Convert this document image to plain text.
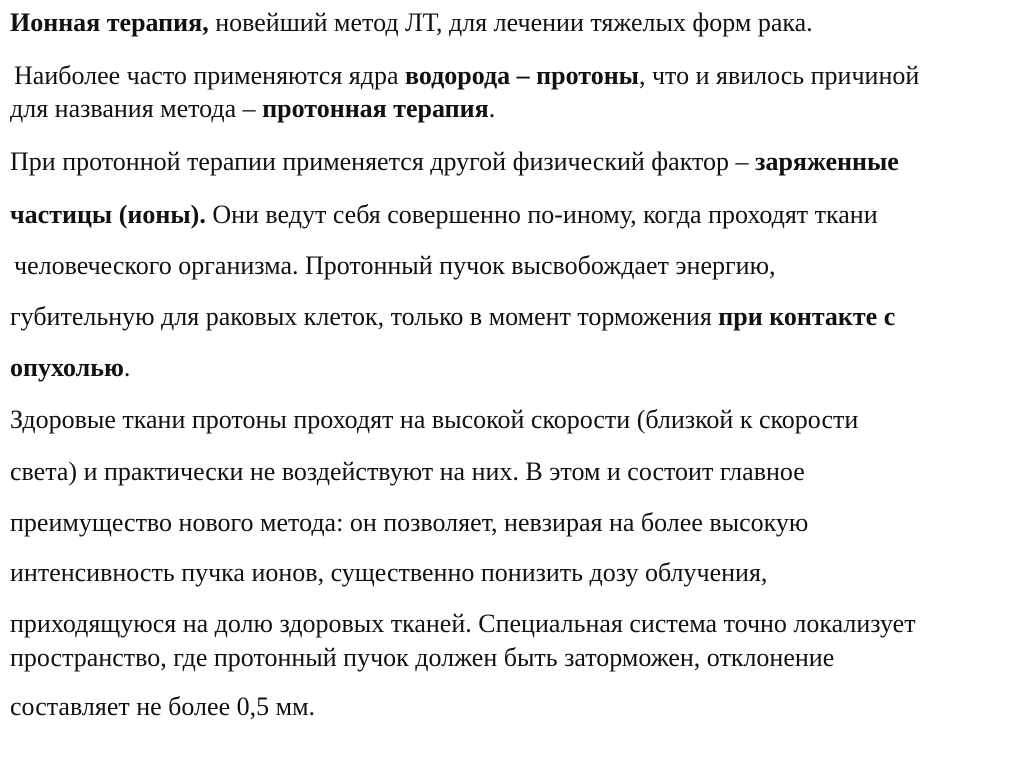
Ионная терапия, новейший метод ЛТ, для лечении тяжелых форм рака.
Наиболее часто применяются ядра водорода – протоны, что и явилось причиной
для названия метода – протонная терапия.
При протонной терапии применяется другой физический фактор – заряженные
частицы (ионы). Они ведут себя совершенно по-иному, когда проходят ткани
человеческого организма. Протонный пучок высвобождает энергию,
губительную для раковых клеток, только в момент торможения при контакте с
опухолью.
Здоровые ткани протоны проходят на высокой скорости (близкой к скорости
света) и практически не воздействуют на них. В этом и состоит главное
преимущество нового метода: он позволяет, невзирая на более высокую
интенсивность пучка ионов, существенно понизить дозу облучения,
приходящуюся на долю здоровых тканей. Специальная система точно локализует
пространство, где протонный пучок должен быть заторможен, отклонение
составляет не более 0,5 мм.
